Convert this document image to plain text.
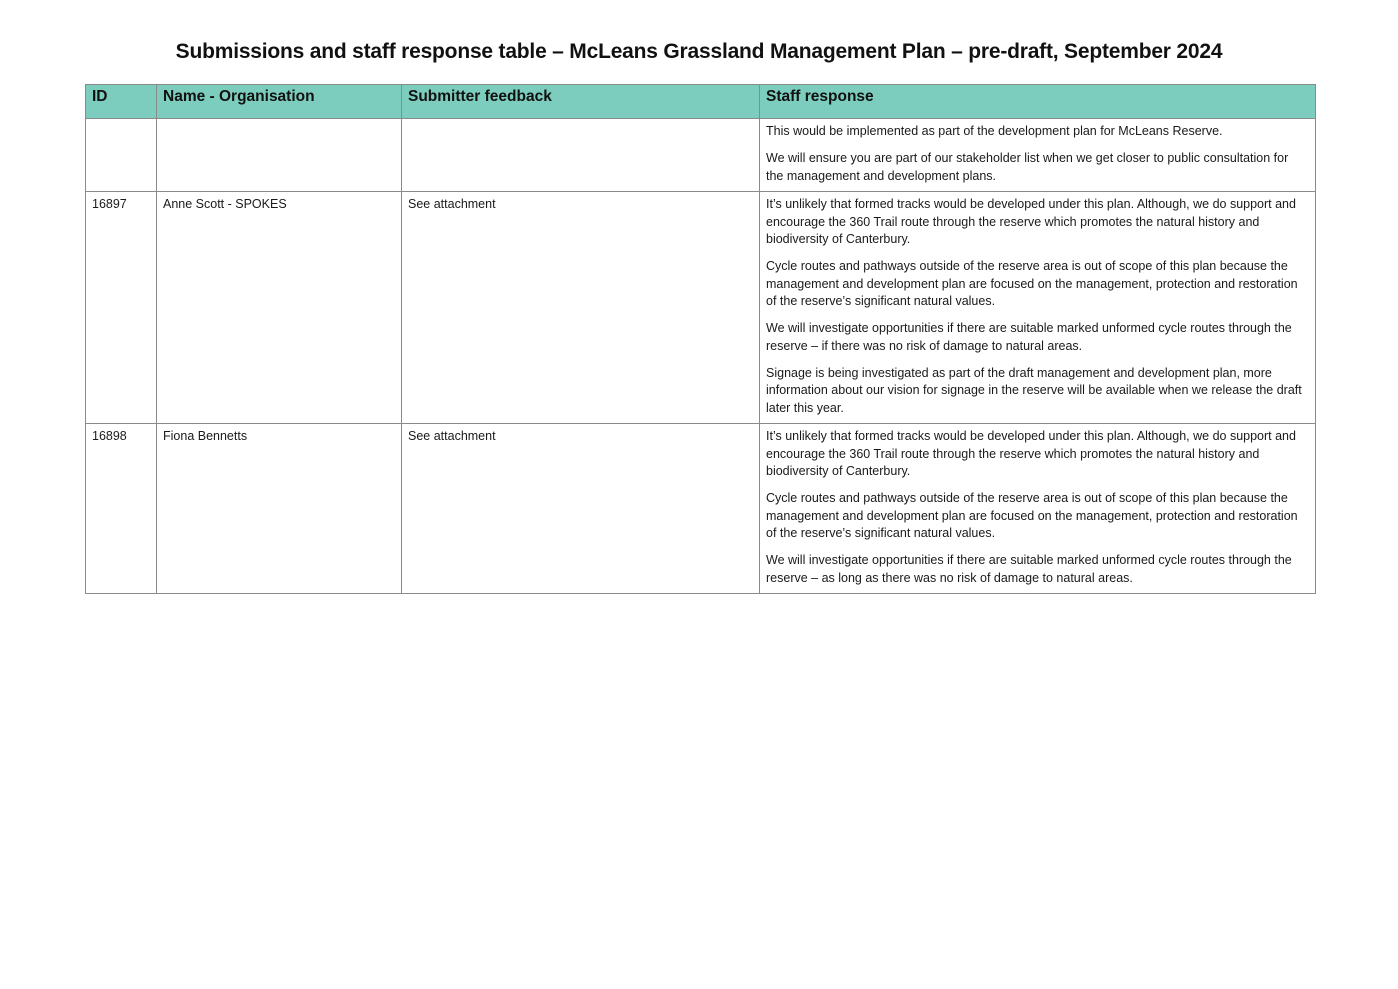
Submissions and staff response table – McLeans Grassland Management Plan – pre-draft, September 2024
ID	Name - Organisation	Submitter feedback	Staff response

			This would be implemented as part of the development plan for McLeans Reserve.

We will ensure you are part of our stakeholder list when we get closer to public consultation for the management and development plans.

16897	Anne Scott - SPOKES	See attachment	It’s unlikely that formed tracks would be developed under this plan. Although, we do support and encourage the 360 Trail route through the reserve which promotes the natural history and biodiversity of Canterbury.

Cycle routes and pathways outside of the reserve area is out of scope of this plan because the management and development plan are focused on the management, protection and restoration of the reserve’s significant natural values.

We will investigate opportunities if there are suitable marked unformed cycle routes through the reserve – if there was no risk of damage to natural areas.

Signage is being investigated as part of the draft management and development plan, more information about our vision for signage in the reserve will be available when we release the draft later this year.

16898	Fiona Bennetts	See attachment	It’s unlikely that formed tracks would be developed under this plan. Although, we do support and encourage the 360 Trail route through the reserve which promotes the natural history and biodiversity of Canterbury.

Cycle routes and pathways outside of the reserve area is out of scope of this plan because the management and development plan are focused on the management, protection and restoration of the reserve’s significant natural values.

We will investigate opportunities if there are suitable marked unformed cycle routes through the reserve – as long as there was no risk of damage to natural areas.
